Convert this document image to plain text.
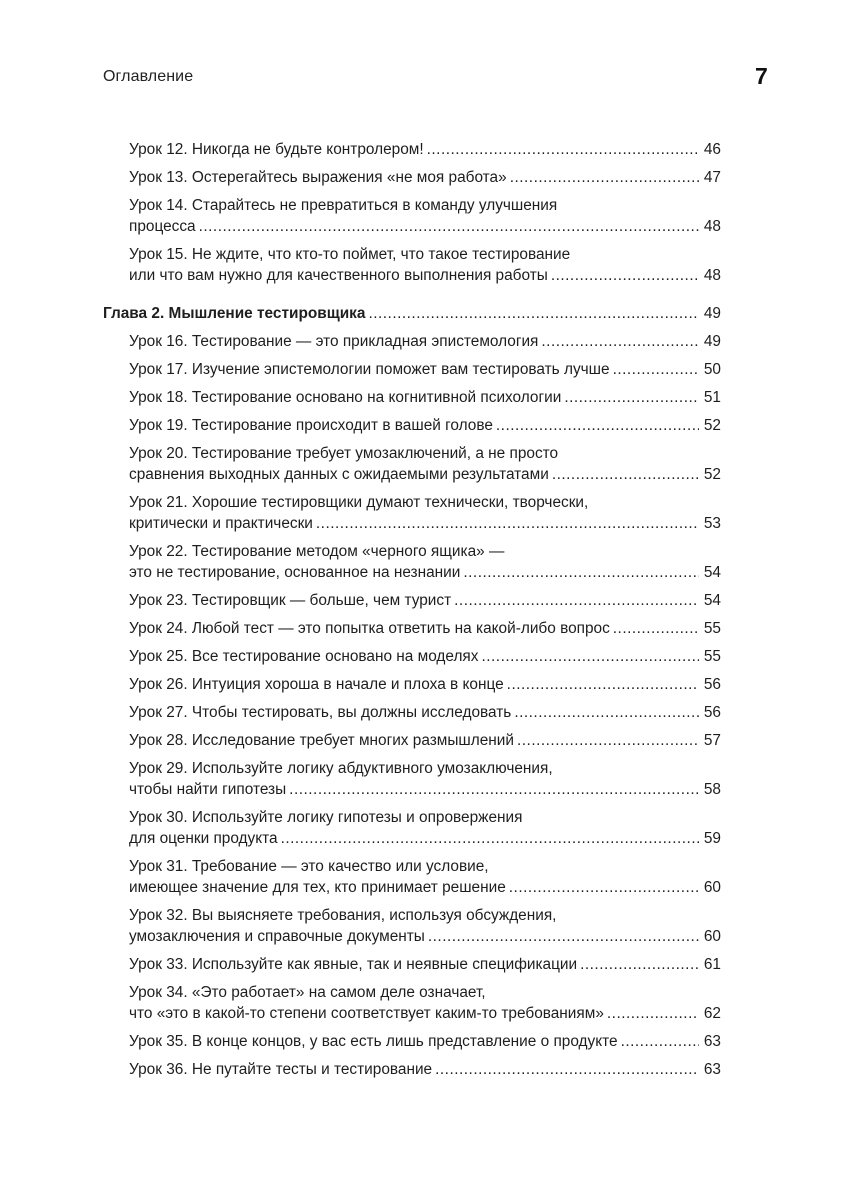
Оглавление	7
Урок 12. Никогда не будьте контролером! .....	46
Урок 13. Остерегайтесь выражения «не моя работа» .....	47
Урок 14. Старайтесь не превратиться в команду улучшения
процесса .....	48
Урок 15. Не ждите, что кто-то поймет, что такое тестирование
или что вам нужно для качественного выполнения работы .....	48
Глава 2. Мышление тестировщика .....	49
Урок 16. Тестирование — это прикладная эпистемология .....	49
Урок 17. Изучение эпистемологии поможет вам тестировать лучше .....	50
Урок 18. Тестирование основано на когнитивной психологии .....	51
Урок 19. Тестирование происходит в вашей голове .....	52
Урок 20. Тестирование требует умозаключений, а не просто
сравнения выходных данных с ожидаемыми результатами .....	52
Урок 21. Хорошие тестировщики думают технически, творчески,
критически и практически .....	53
Урок 22. Тестирование методом «черного ящика» —
это не тестирование, основанное на незнании .....	54
Урок 23. Тестировщик — больше, чем турист .....	54
Урок 24. Любой тест — это попытка ответить на какой-либо вопрос .....	55
Урок 25. Все тестирование основано на моделях .....	55
Урок 26. Интуиция хороша в начале и плоха в конце .....	56
Урок 27. Чтобы тестировать, вы должны исследовать .....	56
Урок 28. Исследование требует многих размышлений .....	57
Урок 29. Используйте логику абдуктивного умозаключения,
чтобы найти гипотезы .....	58
Урок 30. Используйте логику гипотезы и опровержения
для оценки продукта .....	59
Урок 31. Требование — это качество или условие,
имеющее значение для тех, кто принимает решение .....	60
Урок 32. Вы выясняете требования, используя обсуждения,
умозаключения и справочные документы .....	60
Урок 33. Используйте как явные, так и неявные спецификации .....	61
Урок 34. «Это работает» на самом деле означает,
что «это в какой-то степени соответствует каким-то требованиям» .....	62
Урок 35. В конце концов, у вас есть лишь представление о продукте .....	63
Урок 36. Не путайте тесты и тестирование .....	63
